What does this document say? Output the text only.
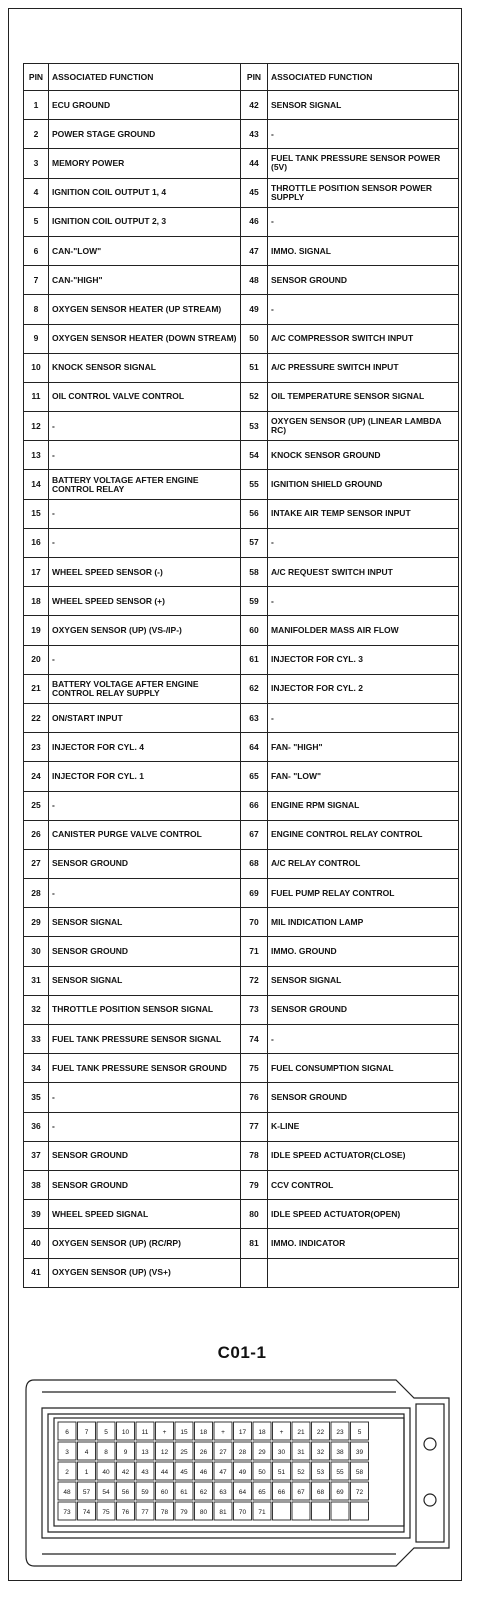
PIN	ASSOCIATED FUNCTION	PIN	ASSOCIATED FUNCTION
1	ECU GROUND	42	SENSOR SIGNAL
2	POWER STAGE GROUND	43	-
3	MEMORY POWER	44	FUEL TANK PRESSURE SENSOR POWER (5V)
4	IGNITION COIL OUTPUT 1, 4	45	THROTTLE POSITION SENSOR POWER SUPPLY
5	IGNITION COIL OUTPUT 2, 3	46	-
6	CAN-"LOW"	47	IMMO. SIGNAL
7	CAN-"HIGH"	48	SENSOR GROUND
8	OXYGEN SENSOR HEATER (UP STREAM)	49	-
9	OXYGEN SENSOR HEATER (DOWN STREAM)	50	A/C COMPRESSOR SWITCH INPUT
10	KNOCK SENSOR SIGNAL	51	A/C PRESSURE SWITCH INPUT
11	OIL CONTROL VALVE CONTROL	52	OIL TEMPERATURE SENSOR SIGNAL
12	-	53	OXYGEN SENSOR (UP) (LINEAR LAMBDA RC)
13	-	54	KNOCK SENSOR GROUND
14	BATTERY VOLTAGE AFTER ENGINE CONTROL RELAY	55	IGNITION SHIELD GROUND
15	-	56	INTAKE AIR TEMP SENSOR INPUT
16	-	57	-
17	WHEEL SPEED SENSOR (-)	58	A/C REQUEST SWITCH INPUT
18	WHEEL SPEED SENSOR (+)	59	-
19	OXYGEN SENSOR (UP) (VS-/IP-)	60	MANIFOLDER MASS AIR FLOW
20	-	61	INJECTOR FOR CYL. 3
21	BATTERY VOLTAGE AFTER ENGINE CONTROL RELAY SUPPLY	62	INJECTOR FOR CYL. 2
22	ON/START INPUT	63	-
23	INJECTOR FOR CYL. 4	64	FAN- "HIGH"
24	INJECTOR FOR CYL. 1	65	FAN- "LOW"
25	-	66	ENGINE RPM SIGNAL
26	CANISTER PURGE VALVE CONTROL	67	ENGINE CONTROL RELAY CONTROL
27	SENSOR GROUND	68	A/C RELAY CONTROL
28	-	69	FUEL PUMP RELAY CONTROL
29	SENSOR SIGNAL	70	MIL INDICATION LAMP
30	SENSOR GROUND	71	IMMO. GROUND
31	SENSOR SIGNAL	72	SENSOR SIGNAL
32	THROTTLE POSITION SENSOR SIGNAL	73	SENSOR GROUND
33	FUEL TANK PRESSURE SENSOR SIGNAL	74	-
34	FUEL TANK PRESSURE SENSOR GROUND	75	FUEL CONSUMPTION SIGNAL
35	-	76	SENSOR GROUND
36	-	77	K-LINE
37	SENSOR GROUND	78	IDLE SPEED ACTUATOR(CLOSE)
38	SENSOR GROUND	79	CCV CONTROL
39	WHEEL SPEED SIGNAL	80	IDLE SPEED ACTUATOR(OPEN)
40	OXYGEN SENSOR (UP) (RC/RP)	81	IMMO. INDICATOR
41	OXYGEN SENSOR (UP) (VS+)		
C01-1
6 7 5 10 11 + 15 18 + 17 18 + 21 22 23 5
3 4 8 9 13 12 25 26 27 28 29 30 31 32 38 39
2 1 40 42 43 44 45 46 47 49 50 51 52 53 55 58
48 57 54 56 59 60 61 62 63 64 65 66 67 68 69 72
73 74 75 76 77 78 79 80 81 70 71
